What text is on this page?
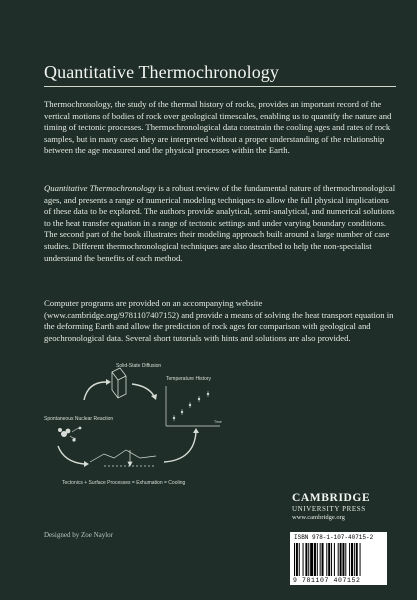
Quantitative Thermochronology

Thermochronology, the study of the thermal history of rocks, provides an important record of the vertical motions of bodies of rock over geological timescales, enabling us to quantify the nature and timing of tectonic processes. Thermochronological data constrain the cooling ages and rates of rock samples, but in many cases they are interpreted without a proper understanding of the relationship between the age measured and the physical processes within the Earth.

Quantitative Thermochronology is a robust review of the fundamental nature of thermochronological ages, and presents a range of numerical modeling techniques to allow the full physical implications of these data to be explored. The authors provide analytical, semi-analytical, and numerical solutions to the heat transfer equation in a range of tectonic settings and under varying boundary conditions. The second part of the book illustrates their modeling approach built around a large number of case studies. Different thermochronological techniques are also described to help the non-specialist understand the benefits of each method.

Computer programs are provided on an accompanying website (www.cambridge.org/9781107407152) and provide a means of solving the heat transport equation in the deforming Earth and allow the prediction of rock ages for comparison with geological and geochronological data. Several short tutorials with hints and solutions are also provided.

Solid-State Diffusion
Temperature History
Time
Spontaneous Nuclear Reaction
Tectonics + Surface Processes = Exhumation = Cooling
Designed by Zoe Naylor
CAMBRIDGE
UNIVERSITY PRESS
www.cambridge.org
ISBN 978-1-107-40715-2
9 781107 407152
